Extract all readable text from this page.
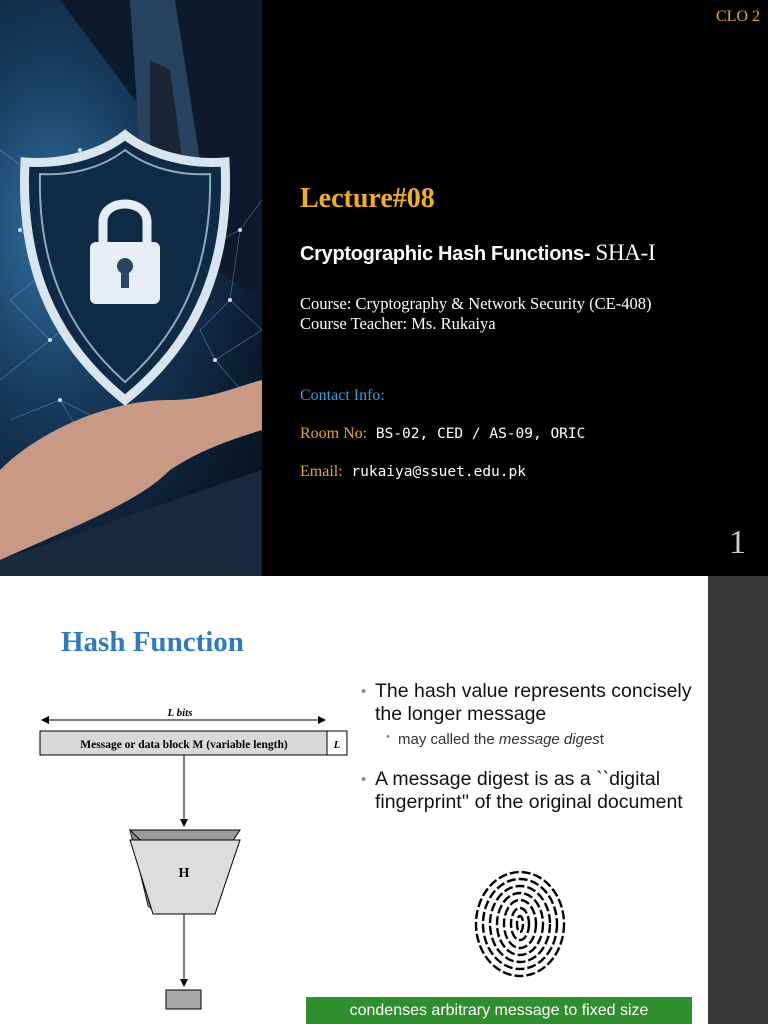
CLO 2
Lecture#08
Cryptographic Hash Functions- SHA-I
Course: Cryptography & Network Security (CE-408)
Course Teacher: Ms. Rukaiya
Contact Info:
Room No: BS-02, CED / AS-09, ORIC
Email: rukaiya@ssuet.edu.pk
1
Hash Function
L bits
Message or data block M (variable length)	L
H
• The hash value represents concisely the longer message
• may called the message digest
• A message digest is as a ``digital fingerprint'' of the original document
condenses arbitrary message to fixed size
